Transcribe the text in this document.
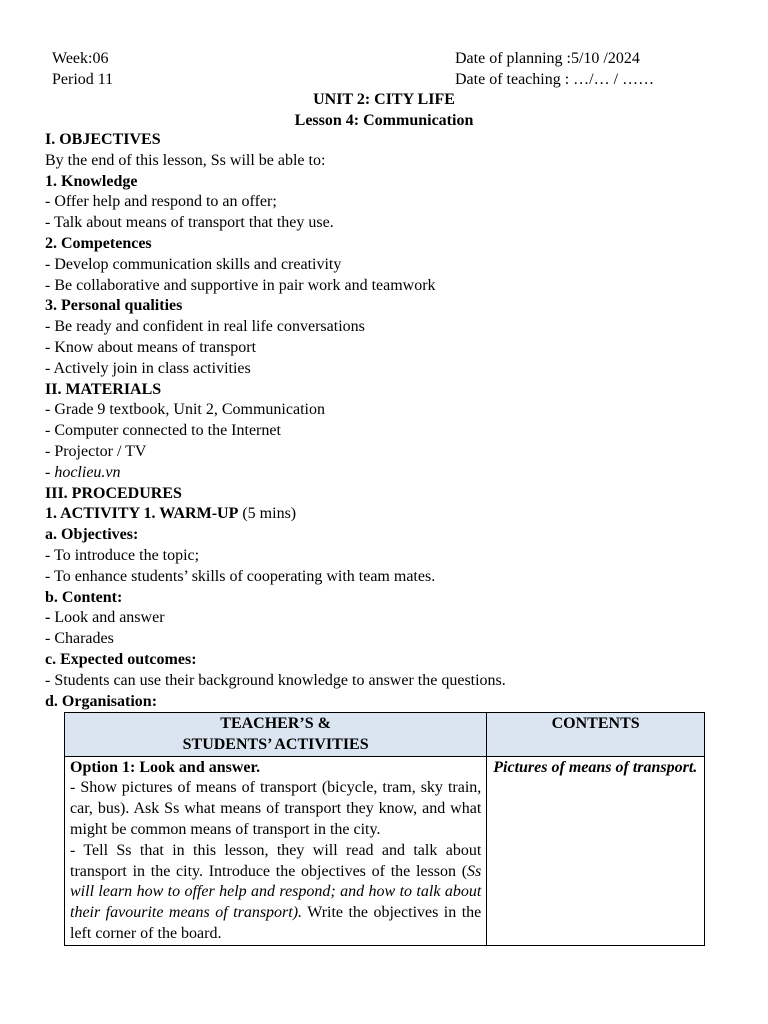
Week:06	Date of planning :5/10 /2024
Period 11	Date of teaching : …/… / ……
UNIT 2: CITY LIFE
Lesson 4: Communication
I. OBJECTIVES
By the end of this lesson, Ss will be able to:
1. Knowledge
- Offer help and respond to an offer;
- Talk about means of transport that they use.
2. Competences
- Develop communication skills and creativity
- Be collaborative and supportive in pair work and teamwork
3. Personal qualities
- Be ready and confident in real life conversations
- Know about means of transport
- Actively join in class activities
II. MATERIALS
- Grade 9 textbook, Unit 2, Communication
- Computer connected to the Internet
- Projector / TV
- hoclieu.vn
III. PROCEDURES
1. ACTIVITY 1. WARM-UP (5 mins)
a. Objectives:
- To introduce the topic;
- To enhance students’ skills of cooperating with team mates.
b. Content:
- Look and answer
- Charades
c. Expected outcomes:
- Students can use their background knowledge to answer the questions.
d. Organisation:
TEACHER’S &
STUDENTS’ ACTIVITIES	CONTENTS

Option 1: Look and answer.
- Show pictures of means of transport (bicycle, tram, sky train, car, bus). Ask Ss what means of transport they know, and what might be common means of transport in the city.
- Tell Ss that in this lesson, they will read and talk about transport in the city. Introduce the objectives of the lesson (Ss will learn how to offer help and respond; and how to talk about their favourite means of transport). Write the objectives in the left corner of the board.	Pictures of means of transport.
